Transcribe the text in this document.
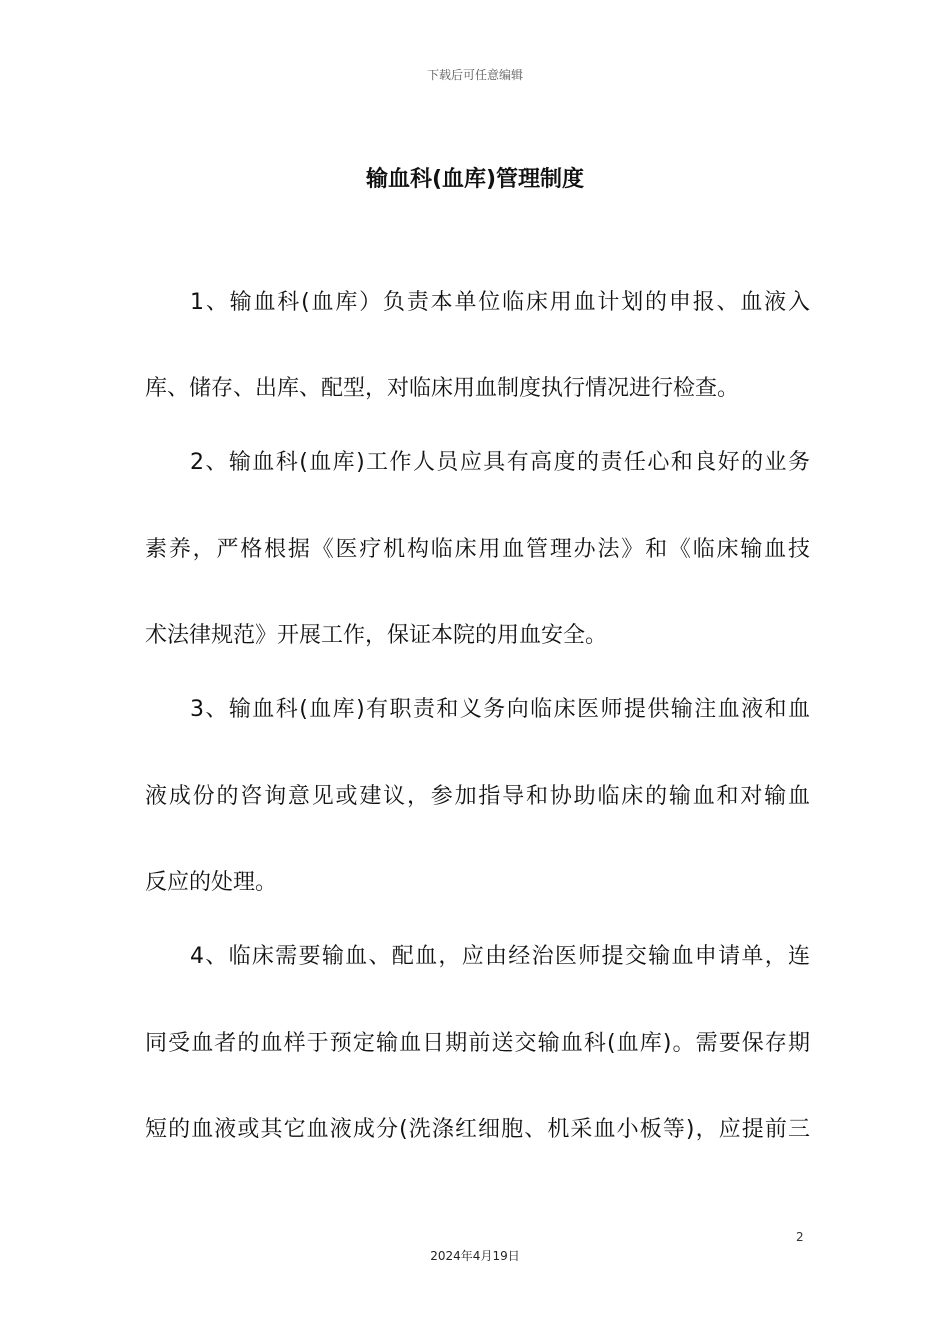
下载后可任意编辑
输血科(血库)管理制度
1、输血科(血库）负责本单位临床用血计划的申报、血液入
库、储存、出库、配型，对临床用血制度执行情况进行检查。
2、输血科(血库)工作人员应具有高度的责任心和良好的业务
素养，严格根据《医疗机构临床用血管理办法》和《临床输血技
术法律规范》开展工作，保证本院的用血安全。
3、输血科(血库)有职责和义务向临床医师提供输注血液和血
液成份的咨询意见或建议，参加指导和协助临床的输血和对输血
反应的处理。
4、临床需要输血、配血，应由经治医师提交输血申请单，连
同受血者的血样于预定输血日期前送交输血科(血库)。需要保存期
短的血液或其它血液成分(洗涤红细胞、机采血小板等)，应提前三
2
2024年4月19日
